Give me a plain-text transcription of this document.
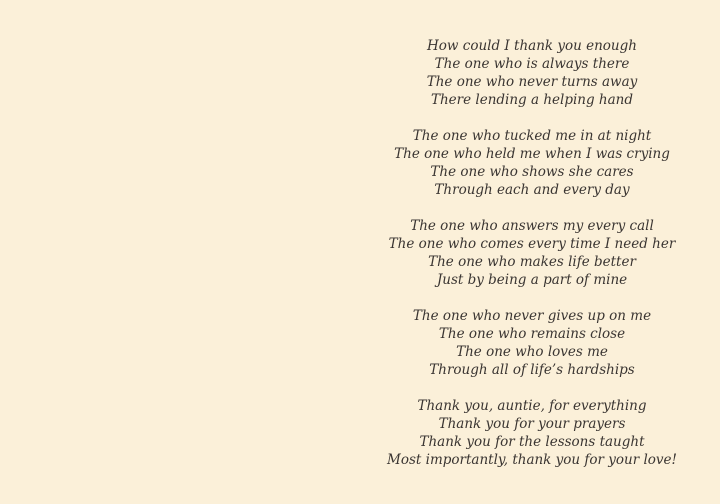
How could I thank you enough
The one who is always there
The one who never turns away
There lending a helping hand
The one who tucked me in at night
The one who held me when I was crying
The one who shows she cares
Through each and every day
The one who answers my every call
The one who comes every time I need her
The one who makes life better
Just by being a part of mine
The one who never gives up on me
The one who remains close
The one who loves me
Through all of life’s hardships
Thank you, auntie, for everything
Thank you for your prayers
Thank you for the lessons taught
Most importantly, thank you for your love!
